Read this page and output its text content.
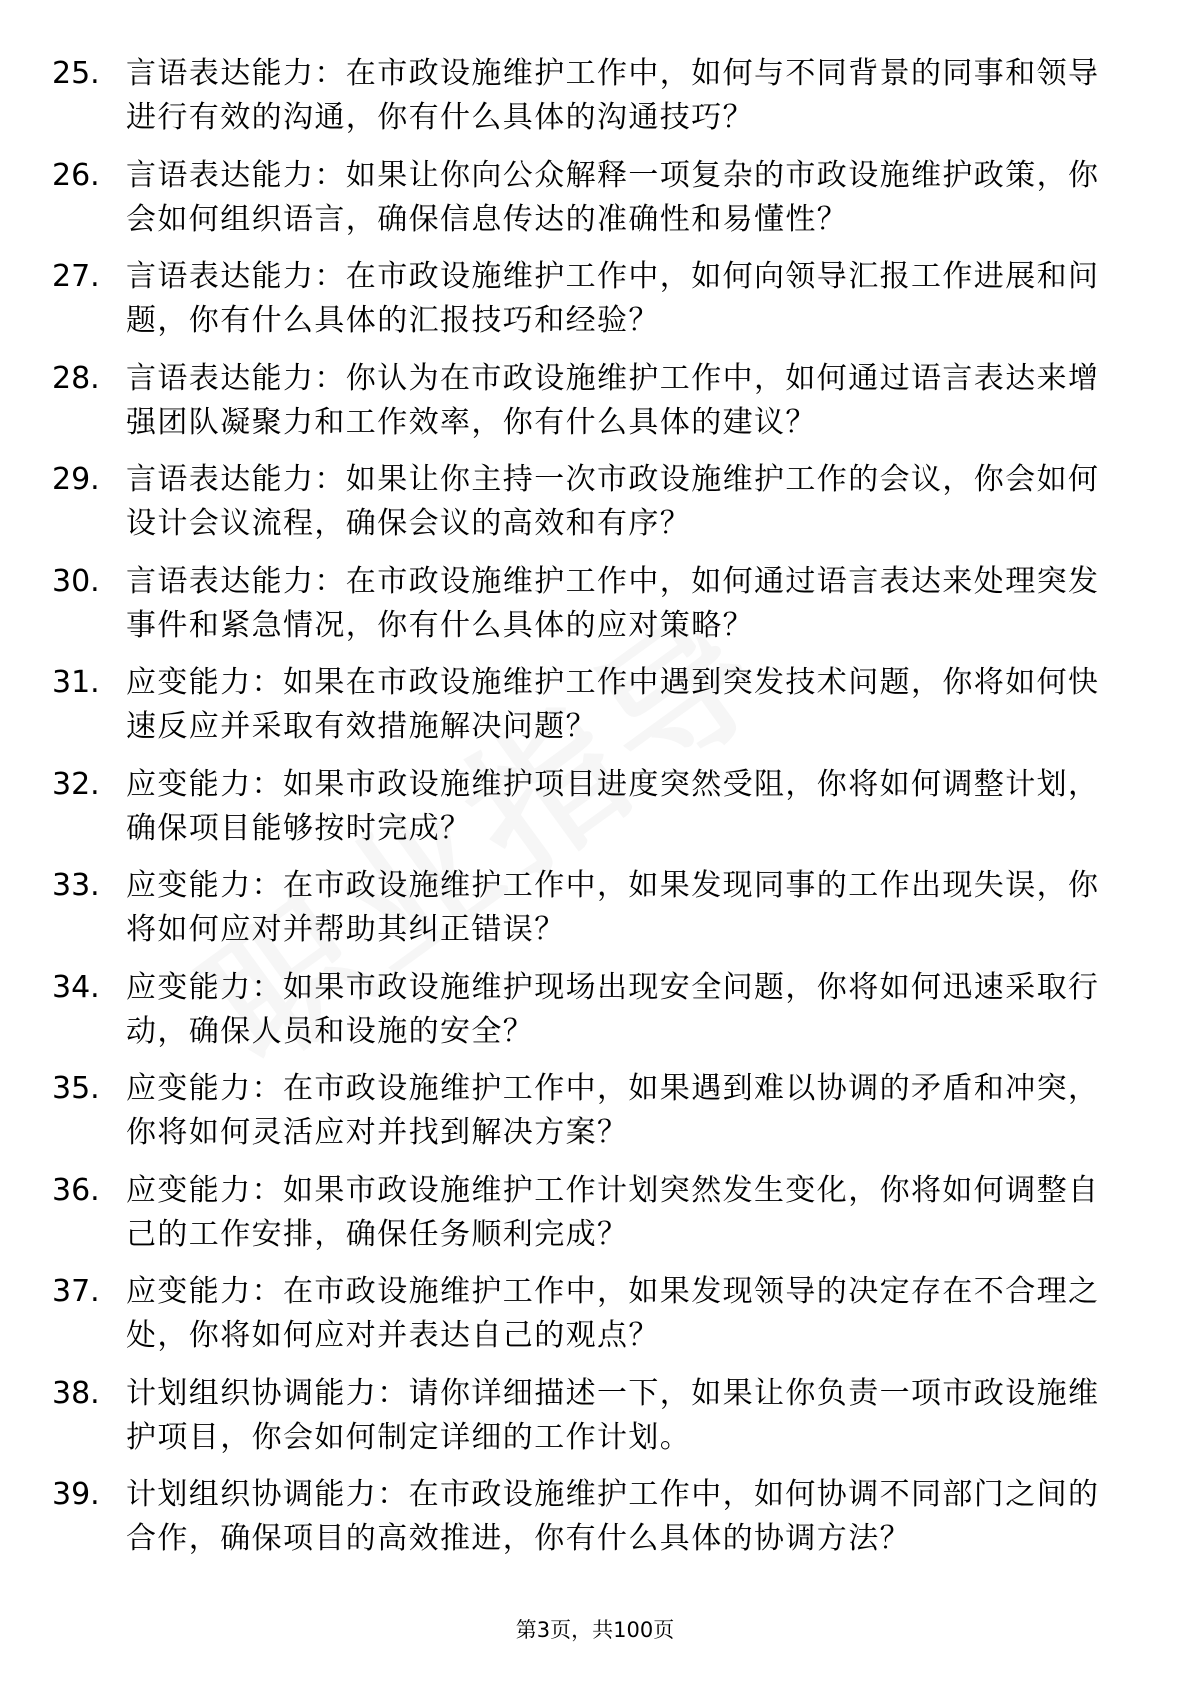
25. 言语表达能力：在市政设施维护工作中，如何与不同背景的同事和领导进行有效的沟通，你有什么具体的沟通技巧？
26. 言语表达能力：如果让你向公众解释一项复杂的市政设施维护政策，你会如何组织语言，确保信息传达的准确性和易懂性？
27. 言语表达能力：在市政设施维护工作中，如何向领导汇报工作进展和问题，你有什么具体的汇报技巧和经验？
28. 言语表达能力：你认为在市政设施维护工作中，如何通过语言表达来增强团队凝聚力和工作效率，你有什么具体的建议？
29. 言语表达能力：如果让你主持一次市政设施维护工作的会议，你会如何设计会议流程，确保会议的高效和有序？
30. 言语表达能力：在市政设施维护工作中，如何通过语言表达来处理突发事件和紧急情况，你有什么具体的应对策略？
31. 应变能力：如果在市政设施维护工作中遇到突发技术问题，你将如何快速反应并采取有效措施解决问题？
32. 应变能力：如果市政设施维护项目进度突然受阻，你将如何调整计划，确保项目能够按时完成？
33. 应变能力：在市政设施维护工作中，如果发现同事的工作出现失误，你将如何应对并帮助其纠正错误？
34. 应变能力：如果市政设施维护现场出现安全问题，你将如何迅速采取行动，确保人员和设施的安全？
35. 应变能力：在市政设施维护工作中，如果遇到难以协调的矛盾和冲突，你将如何灵活应对并找到解决方案？
36. 应变能力：如果市政设施维护工作计划突然发生变化，你将如何调整自己的工作安排，确保任务顺利完成？
37. 应变能力：在市政设施维护工作中，如果发现领导的决定存在不合理之处，你将如何应对并表达自己的观点？
38. 计划组织协调能力：请你详细描述一下，如果让你负责一项市政设施维护项目，你会如何制定详细的工作计划。
39. 计划组织协调能力：在市政设施维护工作中，如何协调不同部门之间的合作，确保项目的高效推进，你有什么具体的协调方法？
第3页，共100页
